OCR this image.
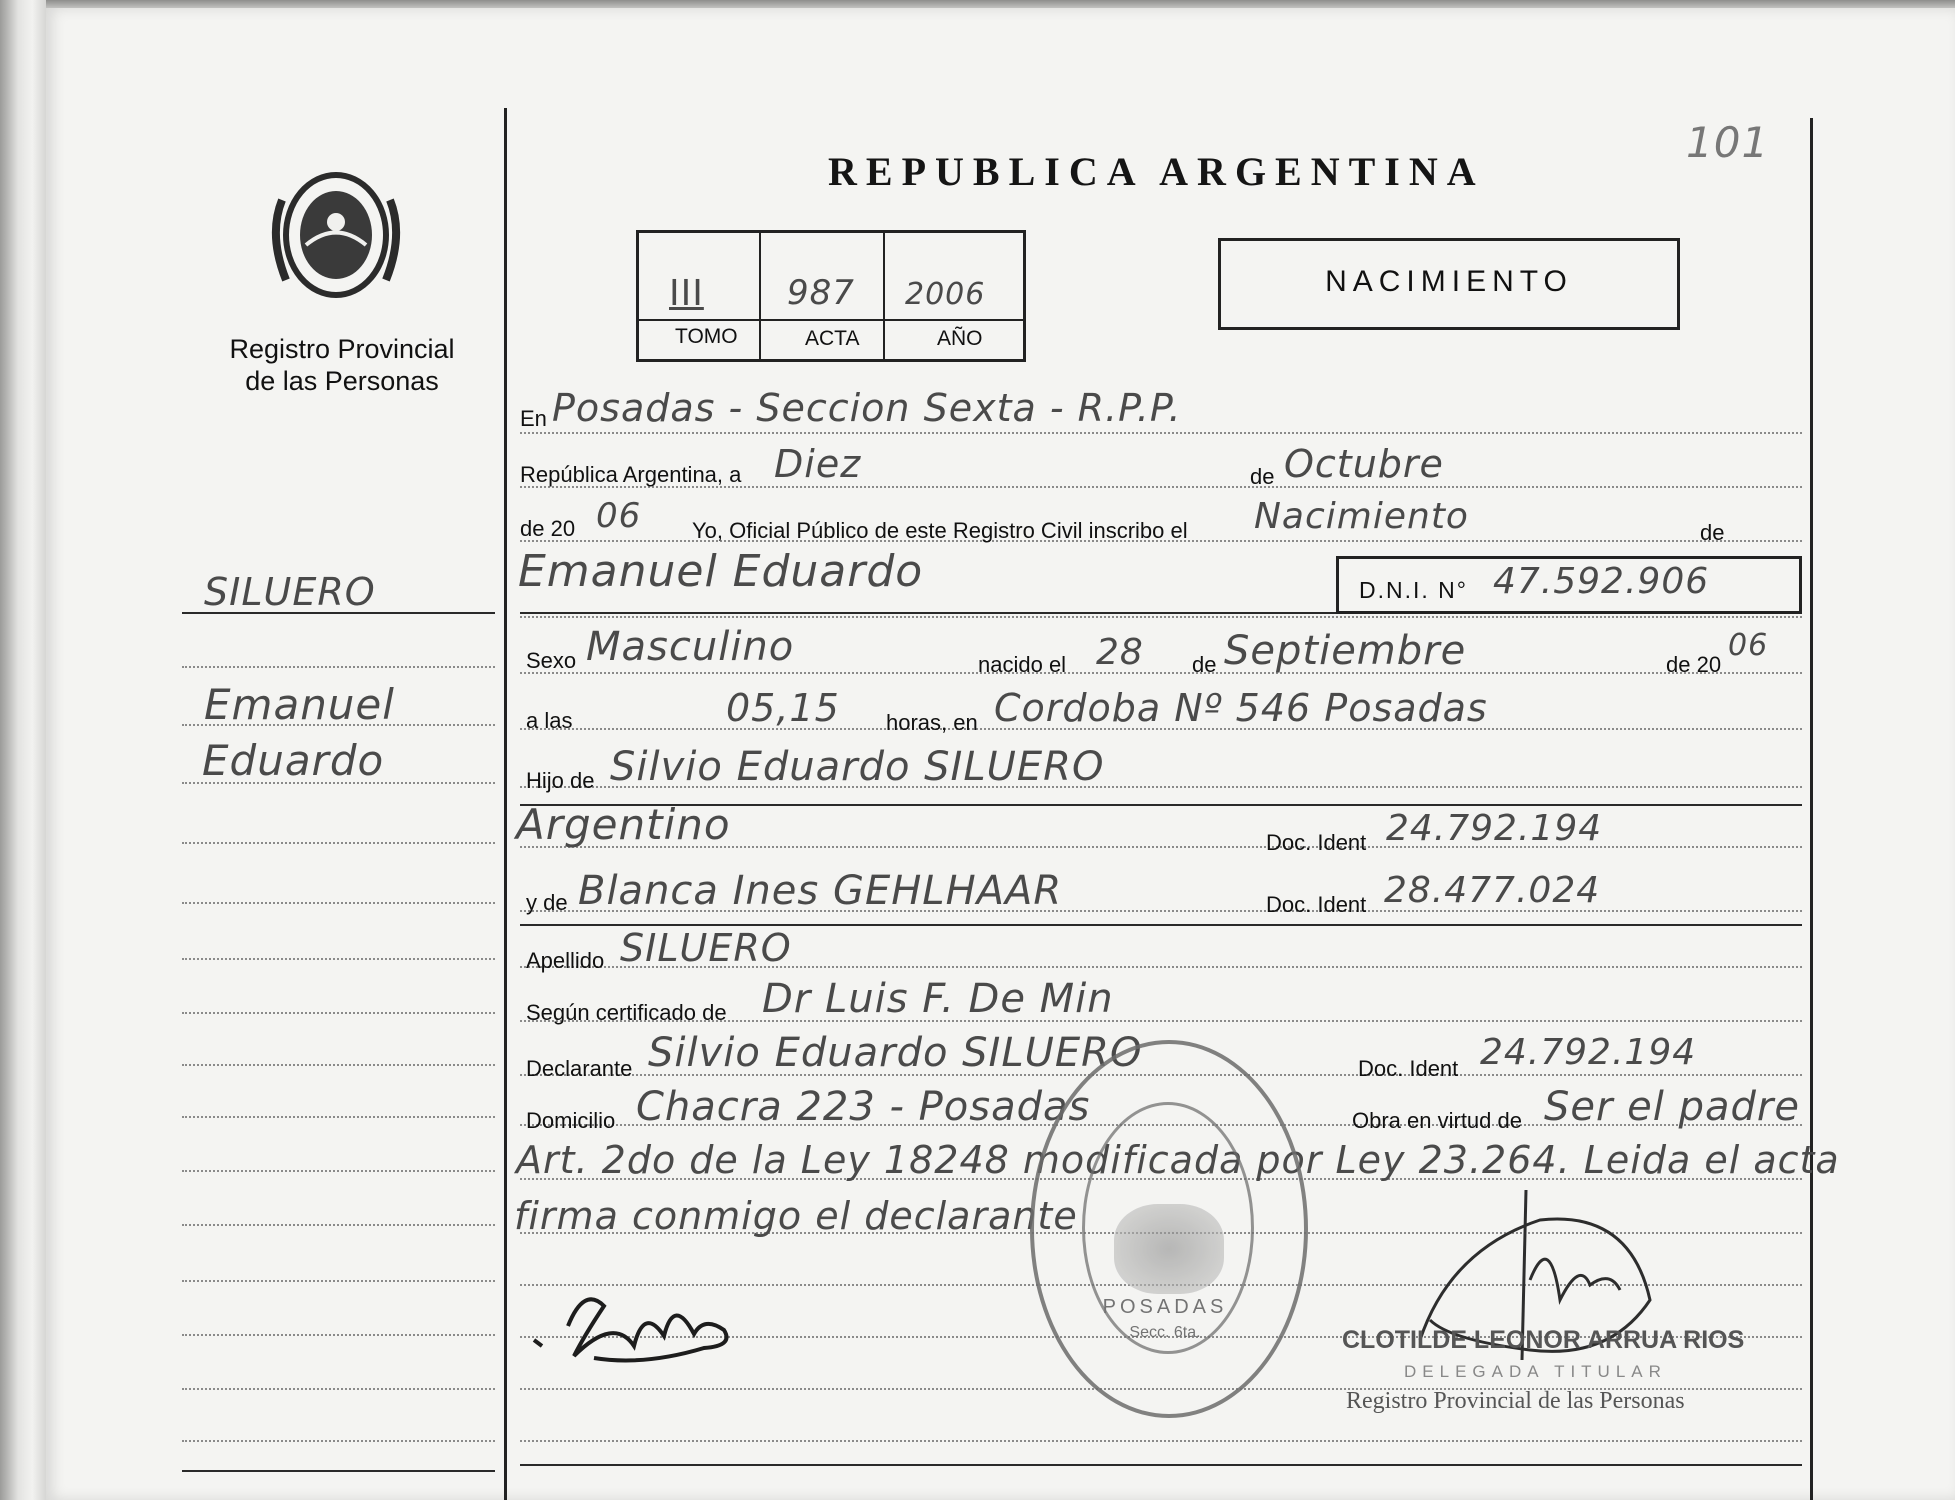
101
Registro Provincial
de las Personas
REPUBLICA ARGENTINA
III 987 2006
TOMO	ACTA	AÑO
NACIMIENTO
SILUERO
Emanuel
Eduardo
En Posadas - Seccion Sexta - R.P.P.
República Argentina, a Diez	de Octubre
de 20 06 Yo, Oficial Público de este Registro Civil inscribo el Nacimiento	de
Emanuel Eduardo	D.N.I. N° 47.592.906
Sexo Masculino	nacido el 28 de Septiembre	de 20
06
a las	05,15 horas, en Cordoba Nº 546 Posadas
Hijo de Silvio Eduardo SILUERO
Argentino	Doc. Ident 24.792.194
y de Blanca Ines GEHLHAAR	Doc. Ident 28.477.024
Apellido SILUERO
Según certificado de Dr Luis F. De Min
Declarante Silvio Eduardo SILUERO	Doc. Ident 24.792.194
Domicilio Chacra 223 - Posadas	Obra en virtud de Ser el padre
Art. 2do de la Ley 18248 modificada por Ley 23.264. Leida el acta
firma conmigo el declarante
POSADAS
Secc. 6ta.	CLOTILDE LEONOR ARRUA RIOS
DELEGADA TITULAR
Registro Provincial de las Personas
